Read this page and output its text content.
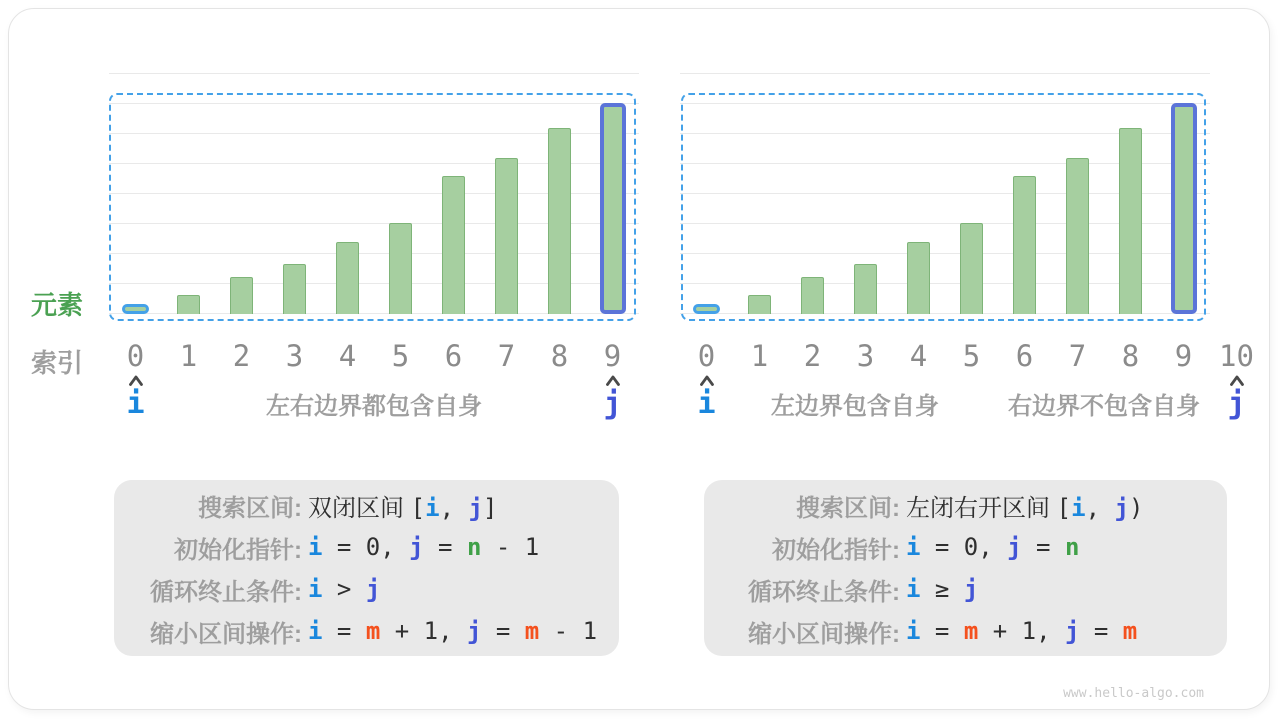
元素
索引	0	1	2	3	4	5	6	7	8	9
i	j
左右边界都包含自身
0	1	2	3	4	5	6	7	8	9 10
i	j
左边界包含自身	右边界不包含自身
搜索区间: 双闭区间 [i, j]
初始化指针: i = 0, j = n - 1
循环终止条件: i > j
缩小区间操作: i = m + 1, j = m - 1
搜索区间: 左闭右开区间 [i, j)
初始化指针: i = 0, j = n
循环终止条件: i ≥ j
缩小区间操作: i = m + 1, j = m
www.hello-algo.com
